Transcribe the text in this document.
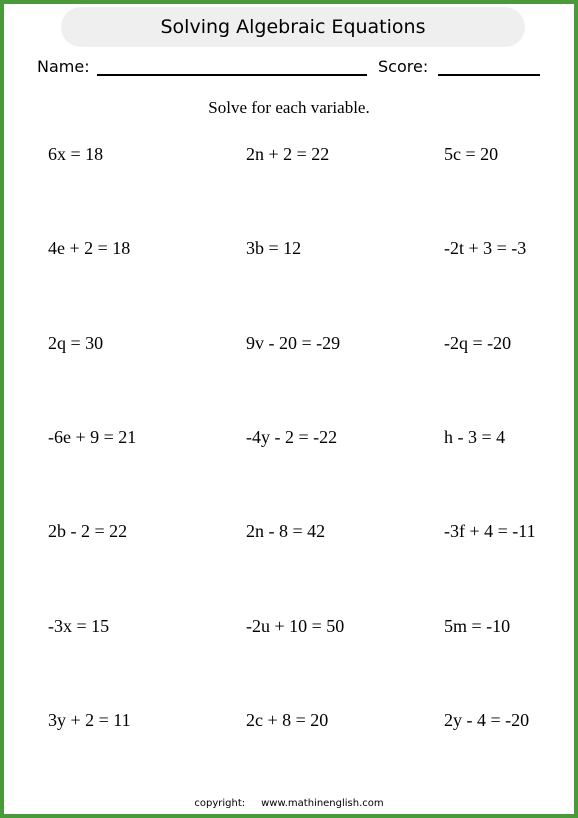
Solving Algebraic Equations
Name:	Score:
Solve for each variable.
6x = 18	2n + 2 = 22	5c = 20
4e + 2 = 18	3b = 12	-2t + 3 = -3
2q = 30	9v - 20 = -29	-2q = -20
-6e + 9 = 21	-4y - 2 = -22	h - 3 = 4
2b - 2 = 22	2n - 8 = 42	-3f + 4 = -11
-3x = 15	-2u + 10 = 50	5m = -10
3y + 2 = 11	2c + 8 = 20	2y - 4 = -20
copyright: www.mathinenglish.com
